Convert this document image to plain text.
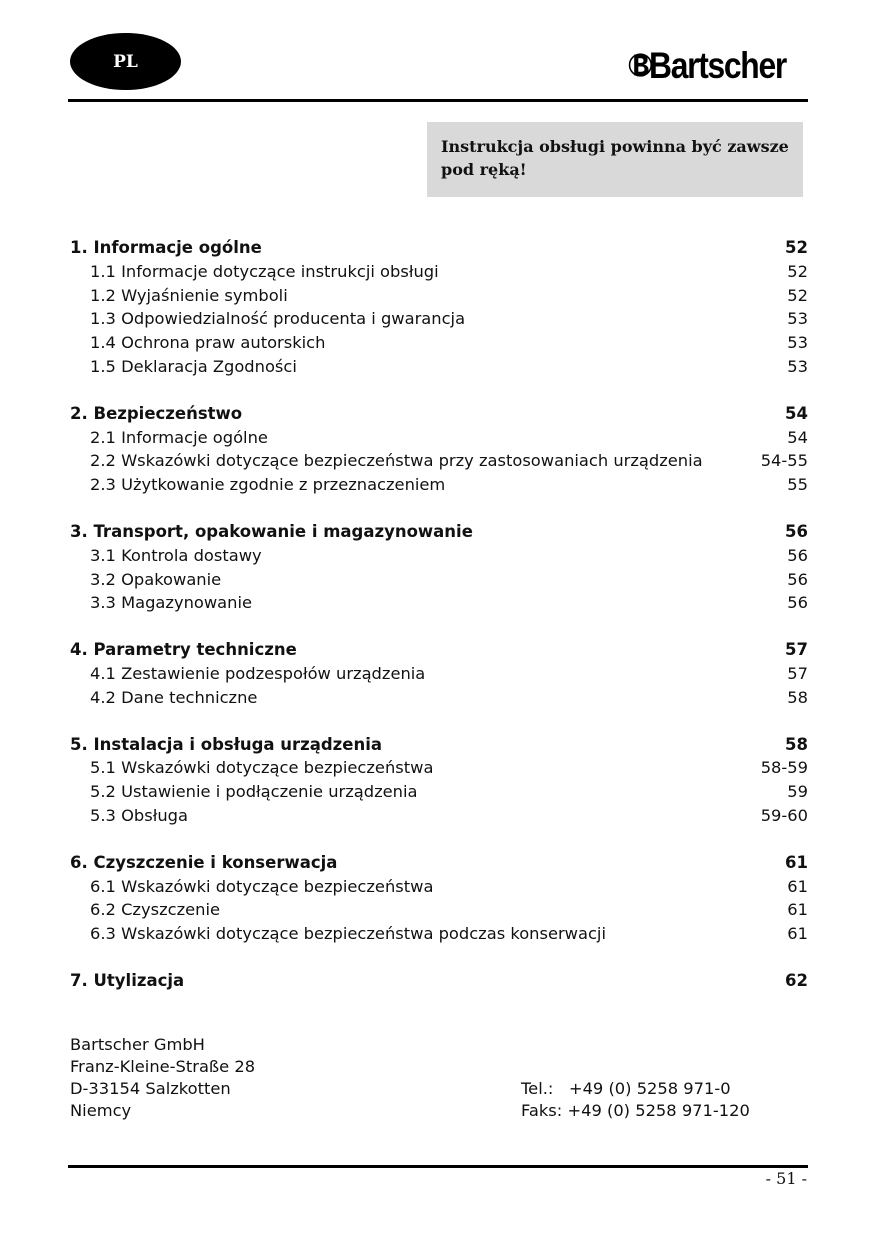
PL	Bartscher
Instrukcja obsługi powinna być zawsze pod ręką!
1. Informacje ogólne	52
1.1 Informacje dotyczące instrukcji obsługi	52
1.2 Wyjaśnienie symboli	52
1.3 Odpowiedzialność producenta i gwarancja	53
1.4 Ochrona praw autorskich	53
1.5 Deklaracja Zgodności	53
2. Bezpieczeństwo	54
2.1 Informacje ogólne	54
2.2 Wskazówki dotyczące bezpieczeństwa przy zastosowaniach urządzenia	54-55
2.3 Użytkowanie zgodnie z przeznaczeniem	55
3. Transport, opakowanie i magazynowanie	56
3.1 Kontrola dostawy	56
3.2 Opakowanie	56
3.3 Magazynowanie	56
4. Parametry techniczne	57
4.1 Zestawienie podzespołów urządzenia	57
4.2 Dane techniczne	58
5. Instalacja i obsługa urządzenia	58
5.1 Wskazówki dotyczące bezpieczeństwa	58-59
5.2 Ustawienie i podłączenie urządzenia	59
5.3 Obsługa	59-60
6. Czyszczenie i konserwacja	61
6.1 Wskazówki dotyczące bezpieczeństwa	61
6.2 Czyszczenie	61
6.3 Wskazówki dotyczące bezpieczeństwa podczas konserwacji	61
7. Utylizacja	62
Bartscher GmbH
Franz-Kleine-Straße 28
D-33154 Salzkotten
Niemcy
Tel.: +49 (0) 5258 971-0
Faks: +49 (0) 5258 971-120
- 51 -
